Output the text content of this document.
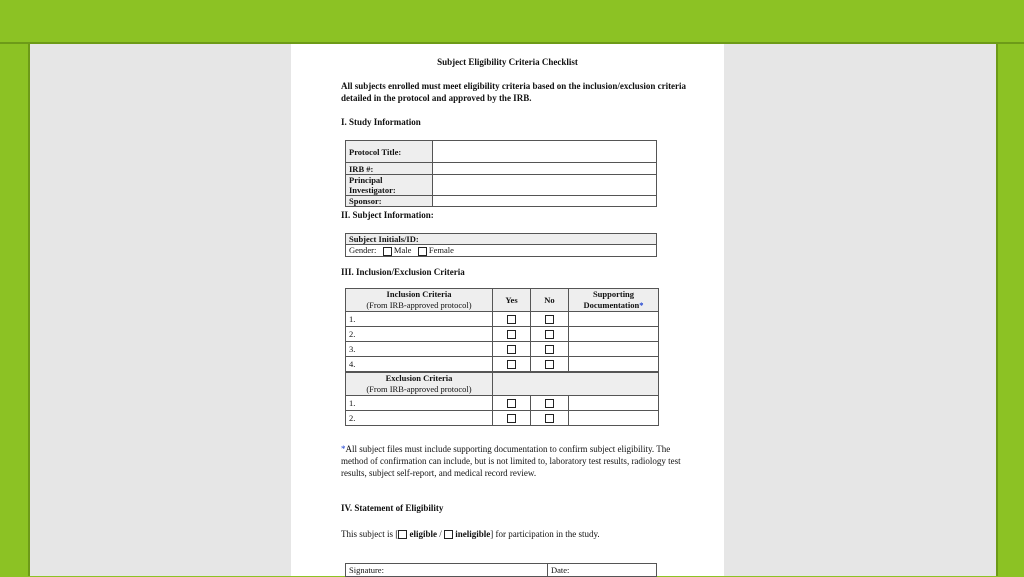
Subject Eligibility Criteria Checklist
All subjects enrolled must meet eligibility criteria based on the inclusion/exclusion criteria
detailed in the protocol and approved by the IRB.
I. Study Information
Protocol Title:	
IRB #:	
Principal Investigator:	
Sponsor:	
II. Subject Information:
Subject Initials/ID:
Gender: Male Female
III. Inclusion/Exclusion Criteria
Inclusion Criteria
(From IRB-approved protocol)	Yes	No	Supporting
Documentation*
1.			
2.			
3.			
4.			
Exclusion Criteria
(From IRB-approved protocol)			
1.			
2.			
*All subject files must include supporting documentation to confirm subject eligibility. The
method of confirmation can include, but is not limited to, laboratory test results, radiology test
results, subject self-report, and medical record review.
IV. Statement of Eligibility
This subject is [ eligible / ineligible] for participation in the study.
Signature:	Date:
